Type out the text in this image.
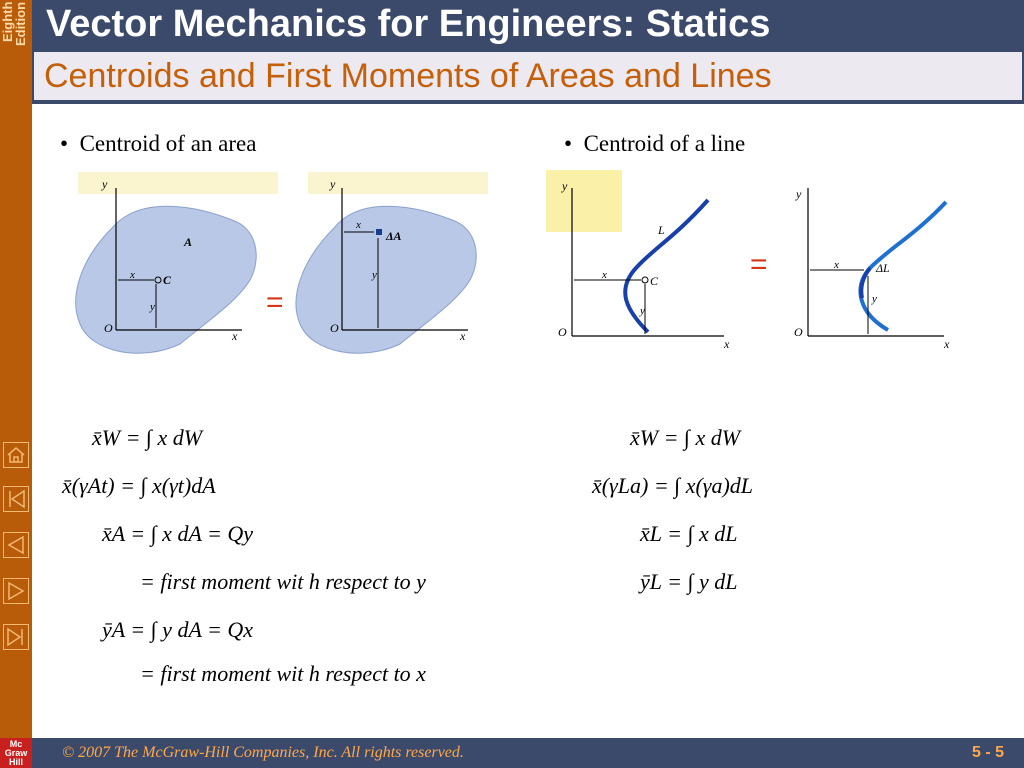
Eighth Edition Vector Mechanics for Engineers: Statics
Centroids and First Moments of Areas and Lines
•  Centroid of an area	•  Centroid of a line
y
x
O
A
C
x
y	=
y
x
O
x
y
ΔA
y
x
O
L
C
x
y
=
y
x
O
x
y
ΔL
x̄W = ∫ x dW
x̄(γAt) = ∫ x(γt)dA
x̄A = ∫ x dA = Qy
= first moment wit h respect to y
ȳA = ∫ y dA = Qx
= first moment wit h respect to x
x̄W = ∫ x dW
x̄(γLa) = ∫ x(γa)dL
x̄L = ∫ x dL
ȳL = ∫ y dL
Mc Graw Hill
© 2007 The McGraw-Hill Companies, Inc. All rights reserved.	5 - 5
